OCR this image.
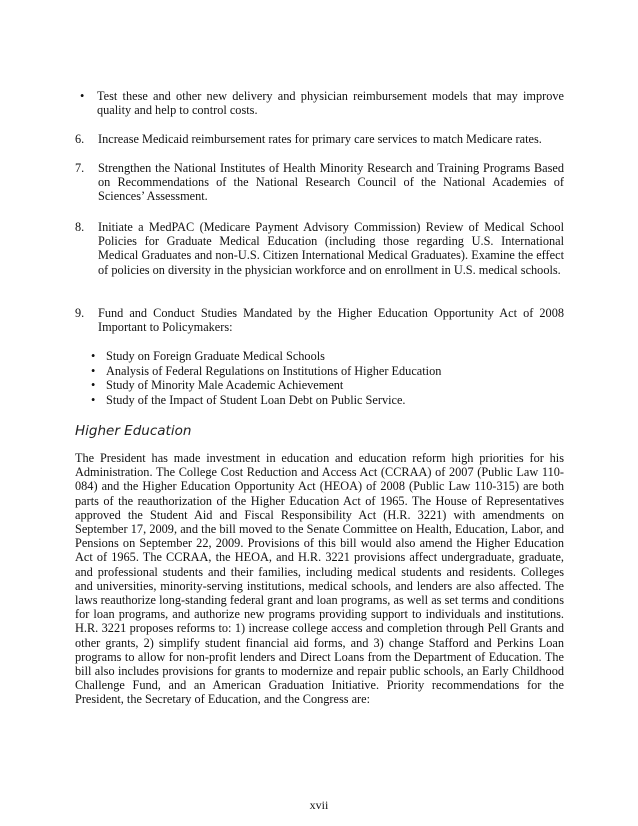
• Test these and other new delivery and physician reimbursement models that may improve quality and help to control costs.
6. Increase Medicaid reimbursement rates for primary care services to match Medicare rates.
7. Strengthen the National Institutes of Health Minority Research and Training Programs Based on Recommendations of the National Research Council of the National Academies of Sciences’ Assessment.
8. Initiate a MedPAC (Medicare Payment Advisory Commission) Review of Medical School Policies for Graduate Medical Education (including those regarding U.S. International Medical Graduates and non-U.S. Citizen International Medical Graduates). Examine the effect of policies on diversity in the physician workforce and on enrollment in U.S. medical schools.
9. Fund and Conduct Studies Mandated by the Higher Education Opportunity Act of 2008 Important to Policymakers:
• Study on Foreign Graduate Medical Schools
• Analysis of Federal Regulations on Institutions of Higher Education
• Study of Minority Male Academic Achievement
• Study of the Impact of Student Loan Debt on Public Service.
Higher Education
The President has made investment in education and education reform high priorities for his Administration. The College Cost Reduction and Access Act (CCRAA) of 2007 (Public Law 110-084) and the Higher Education Opportunity Act (HEOA) of 2008 (Public Law 110-315) are both parts of the reauthorization of the Higher Education Act of 1965. The House of Representatives approved the Student Aid and Fiscal Responsibility Act (H.R. 3221) with amendments on September 17, 2009, and the bill moved to the Senate Committee on Health, Education, Labor, and Pensions on September 22, 2009. Provisions of this bill would also amend the Higher Education Act of 1965. The CCRAA, the HEOA, and H.R. 3221 provisions affect undergraduate, graduate, and professional students and their families, including medical students and residents. Colleges and universities, minority-serving institutions, medical schools, and lenders are also affected. The laws reauthorize long-standing federal grant and loan programs, as well as set terms and conditions for loan programs, and authorize new programs providing support to individuals and institutions. H.R. 3221 proposes reforms to: 1) increase college access and completion through Pell Grants and other grants, 2) simplify student financial aid forms, and 3) change Stafford and Perkins Loan programs to allow for non-profit lenders and Direct Loans from the Department of Education. The bill also includes provisions for grants to modernize and repair public schools, an Early Childhood Challenge Fund, and an American Graduation Initiative. Priority recommendations for the President, the Secretary of Education, and the Congress are:
xvii
